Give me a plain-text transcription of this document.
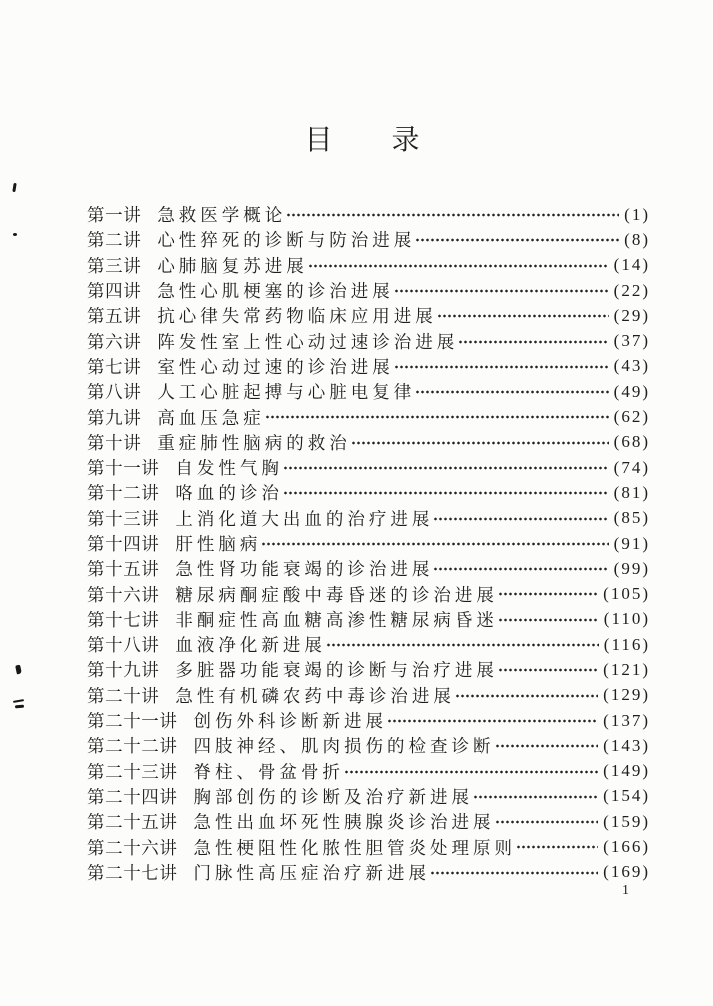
目　　录
第一讲 急救医学概论	(1)
第二讲 心性猝死的诊断与防治进展	(8)
第三讲 心肺脑复苏进展	(14)
第四讲 急性心肌梗塞的诊治进展	(22)
第五讲 抗心律失常药物临床应用进展	(29)
第六讲 阵发性室上性心动过速诊治进展	(37)
第七讲 室性心动过速的诊治进展	(43)
第八讲 人工心脏起搏与心脏电复律	(49)
第九讲 高血压急症	(62)
第十讲 重症肺性脑病的救治	(68)
第十一讲 自发性气胸	(74)
第十二讲 咯血的诊治	(81)
第十三讲 上消化道大出血的治疗进展	(85)
第十四讲 肝性脑病	(91)
第十五讲 急性肾功能衰竭的诊治进展	(99)
第十六讲 糖尿病酮症酸中毒昏迷的诊治进展	(105)
第十七讲 非酮症性高血糖高渗性糖尿病昏迷	(110)
第十八讲 血液净化新进展	(116)
第十九讲 多脏器功能衰竭的诊断与治疗进展	(121)
第二十讲 急性有机磷农药中毒诊治进展	(129)
第二十一讲 创伤外科诊断新进展	(137)
第二十二讲 四肢神经、肌肉损伤的检查诊断	(143)
第二十三讲 脊柱、骨盆骨折	(149)
第二十四讲 胸部创伤的诊断及治疗新进展	(154)
第二十五讲 急性出血坏死性胰腺炎诊治进展	(159)
第二十六讲 急性梗阻性化脓性胆管炎处理原则	(166)
第二十七讲 门脉性高压症治疗新进展	(169)
1
